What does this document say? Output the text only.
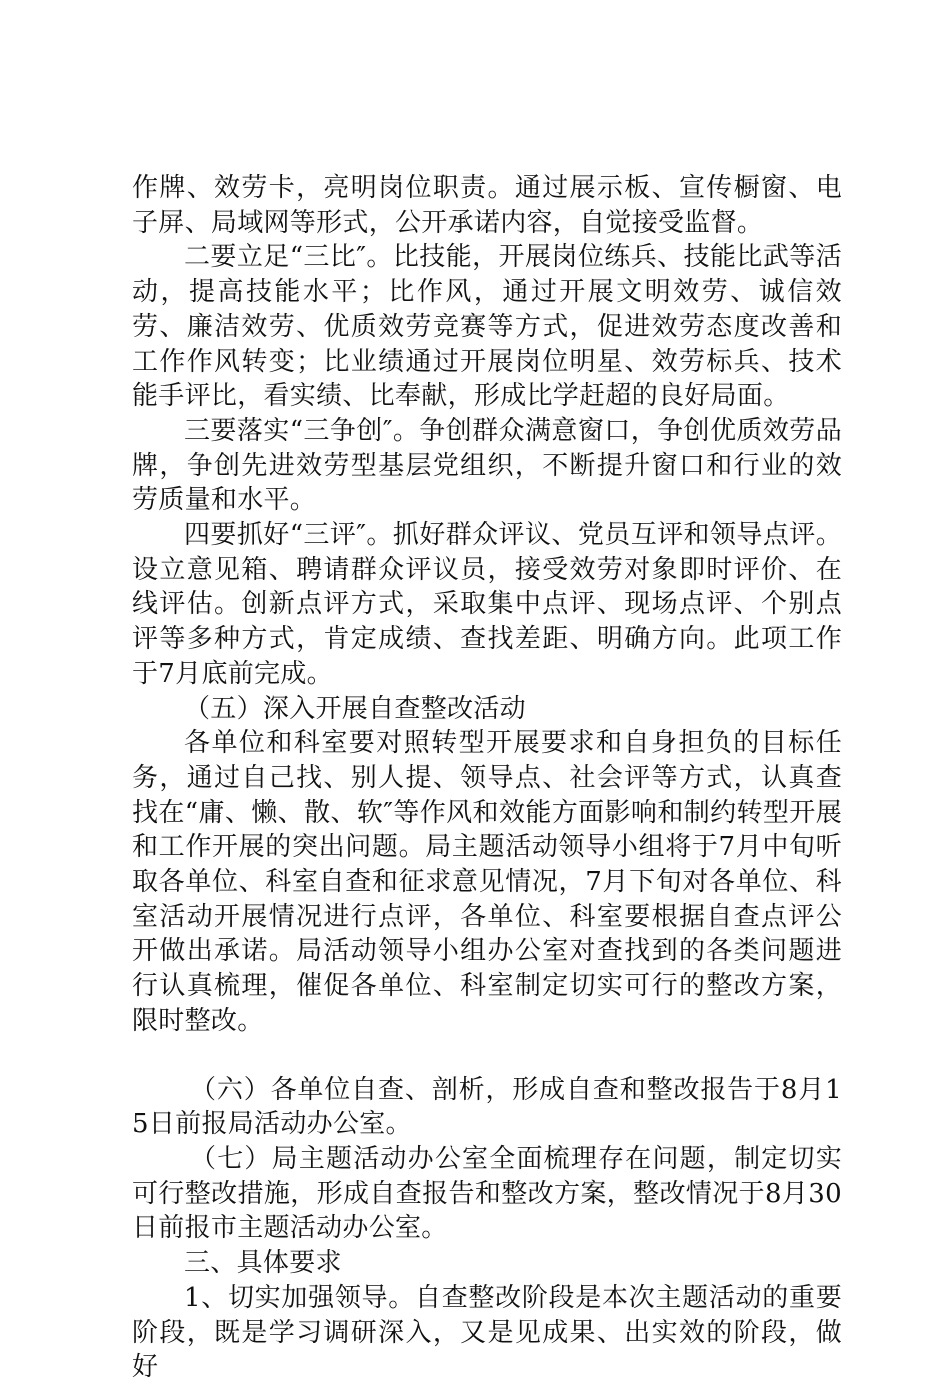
作牌、效劳卡，亮明岗位职责。通过展示板、宣传橱窗、电子屏、局域网等形式，公开承诺内容，自觉接受监督。

二要立足“三比″。比技能，开展岗位练兵、技能比武等活动，提高技能水平；比作风，通过开展文明效劳、诚信效劳、廉洁效劳、优质效劳竞赛等方式，促进效劳态度改善和工作作风转变；比业绩通过开展岗位明星、效劳标兵、技术能手评比，看实绩、比奉献，形成比学赶超的良好局面。

三要落实“三争创″。争创群众满意窗口，争创优质效劳品牌，争创先进效劳型基层党组织，不断提升窗口和行业的效劳质量和水平。

四要抓好“三评″。抓好群众评议、党员互评和领导点评。设立意见箱、聘请群众评议员，接受效劳对象即时评价、在线评估。创新点评方式，采取集中点评、现场点评、个别点评等多种方式，肯定成绩、查找差距、明确方向。此项工作于7月底前完成。

（五）深入开展自查整改活动

各单位和科室要对照转型开展要求和自身担负的目标任务，通过自己找、别人提、领导点、社会评等方式，认真查找在“庸、懒、散、软″等作风和效能方面影响和制约转型开展和工作开展的突出问题。局主题活动领导小组将于7月中旬听取各单位、科室自查和征求意见情况，7月下旬对各单位、科室活动开展情况进行点评，各单位、科室要根据自查点评公开做出承诺。局活动领导小组办公室对查找到的各类问题进行认真梳理，催促各单位、科室制定切实可行的整改方案，限时整改。

（六）各单位自查、剖析，形成自查和整改报告于8月15日前报局活动办公室。

（七）局主题活动办公室全面梳理存在问题，制定切实可行整改措施，形成自查报告和整改方案，整改情况于8月30日前报市主题活动办公室。

三、具体要求

1、切实加强领导。自查整改阶段是本次主题活动的重要阶段，既是学习调研深入，又是见成果、出实效的阶段，做好
